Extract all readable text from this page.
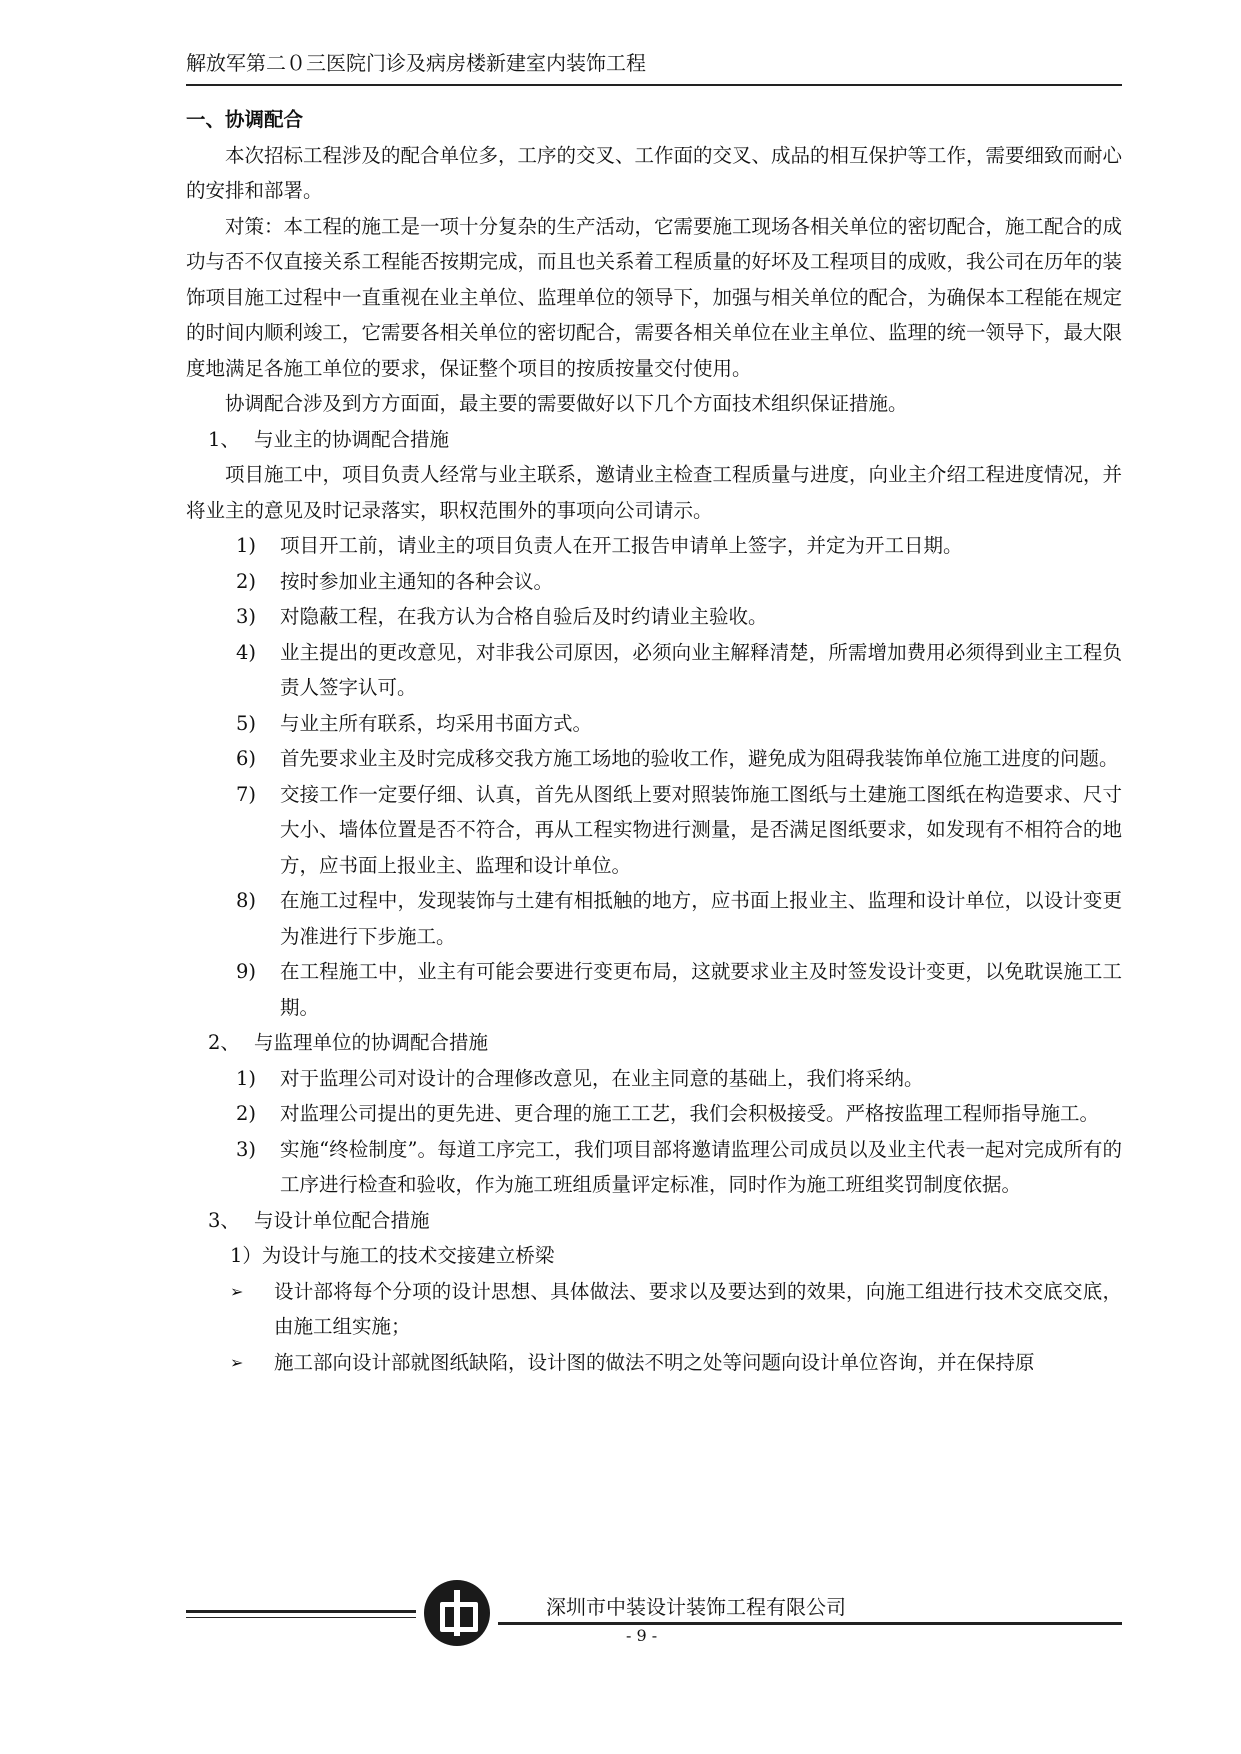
解放军第二０三医院门诊及病房楼新建室内装饰工程

一、协调配合

本次招标工程涉及的配合单位多，工序的交叉、工作面的交叉、成品的相互保护等工作，需要细致而耐心的安排和部署。

对策：本工程的施工是一项十分复杂的生产活动，它需要施工现场各相关单位的密切配合，施工配合的成功与否不仅直接关系工程能否按期完成，而且也关系着工程质量的好坏及工程项目的成败，我公司在历年的装饰项目施工过程中一直重视在业主单位、监理单位的领导下，加强与相关单位的配合，为确保本工程能在规定的时间内顺利竣工，它需要各相关单位的密切配合，需要各相关单位在业主单位、监理的统一领导下，最大限度地满足各施工单位的要求，保证整个项目的按质按量交付使用。

协调配合涉及到方方面面，最主要的需要做好以下几个方面技术组织保证措施。

1、 与业主的协调配合措施

项目施工中，项目负责人经常与业主联系，邀请业主检查工程质量与进度，向业主介绍工程进度情况，并将业主的意见及时记录落实，职权范围外的事项向公司请示。

1) 项目开工前，请业主的项目负责人在开工报告申请单上签字，并定为开工日期。

2) 按时参加业主通知的各种会议。

3) 对隐蔽工程，在我方认为合格自验后及时约请业主验收。

4) 业主提出的更改意见，对非我公司原因，必须向业主解释清楚，所需增加费用必须得到业主工程负责人签字认可。

5) 与业主所有联系，均采用书面方式。

6) 首先要求业主及时完成移交我方施工场地的验收工作，避免成为阻碍我装饰单位施工进度的问题。

7) 交接工作一定要仔细、认真，首先从图纸上要对照装饰施工图纸与土建施工图纸在构造要求、尺寸大小、墙体位置是否不符合，再从工程实物进行测量，是否满足图纸要求，如发现有不相符合的地方，应书面上报业主、监理和设计单位。

8) 在施工过程中，发现装饰与土建有相抵触的地方，应书面上报业主、监理和设计单位，以设计变更为准进行下步施工。

9) 在工程施工中，业主有可能会要进行变更布局，这就要求业主及时签发设计变更，以免耽误施工工期。

2、 与监理单位的协调配合措施

1) 对于监理公司对设计的合理修改意见，在业主同意的基础上，我们将采纳。

2) 对监理公司提出的更先进、更合理的施工工艺，我们会积极接受。严格按监理工程师指导施工。

3) 实施“终检制度”。每道工序完工，我们项目部将邀请监理公司成员以及业主代表一起对完成所有的工序进行检查和验收，作为施工班组质量评定标准，同时作为施工班组奖罚制度依据。

3、 与设计单位配合措施

1）为设计与施工的技术交接建立桥梁

➢ 设计部将每个分项的设计思想、具体做法、要求以及要达到的效果，向施工组进行技术交底交底，由施工组实施；

➢ 施工部向设计部就图纸缺陷，设计图的做法不明之处等问题向设计单位咨询，并在保持原

深圳市中装设计装饰工程有限公司
- 9 -
